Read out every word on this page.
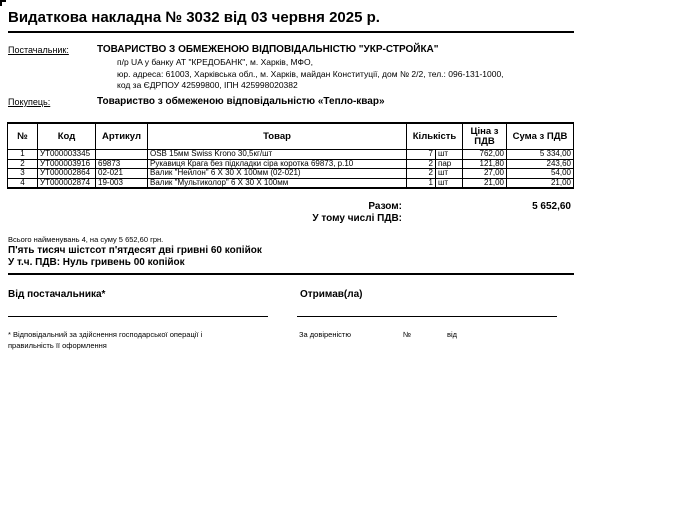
Видаткова накладна № 3032 від 03 червня 2025 р.
Постачальник:	ТОВАРИСТВО З ОБМЕЖЕНОЮ ВІДПОВІДАЛЬНІСТЮ "УКР-СТРОЙКА"
п/р UA у банку АТ "КРЕДОБАНК", м. Харків, МФО,
юр. адреса: 61003, Харківська обл., м. Харків, майдан Конституції, дом № 2/2, тел.: 096-131-1000,
код за ЄДРПОУ 42599800, ІПН 425998020382
Покупець:	Товариство з обмеженою відповідальністю «Тепло-квар»
№	Код	Артикул	Товар	Кількість	Ціна з ПДВ	Сума з ПДВ
1	УТ000003345		OSB 15мм Swiss Krono 30,5кг/шт	7 шт	762,00	5 334,00
2	УТ000003916	69873	Рукавиця Крага без підкладки сіра коротка 69873, р.10	2 пар	121,80	243,60
3	УТ000002864	02-021	Валик "Нейлон" 6 Х 30 Х 100мм (02-021)	2 шт	27,00	54,00
4	УТ000002874	19-003	Валик "Мультиколор" 6 Х 30 Х 100мм	1 шт	21,00	21,00
Разом:	5 652,60
У тому числі ПДВ:
Всього найменувань 4, на суму 5 652,60 грн.
П'ять тисяч шістсот п'ятдесят дві гривні 60 копійок
У т.ч. ПДВ: Нуль гривень 00 копійок
Від постачальника*	Отримав(ла)
* Відповідальний за здійснення господарської операції і
правильність її оформлення
За довіреністю	№	від
